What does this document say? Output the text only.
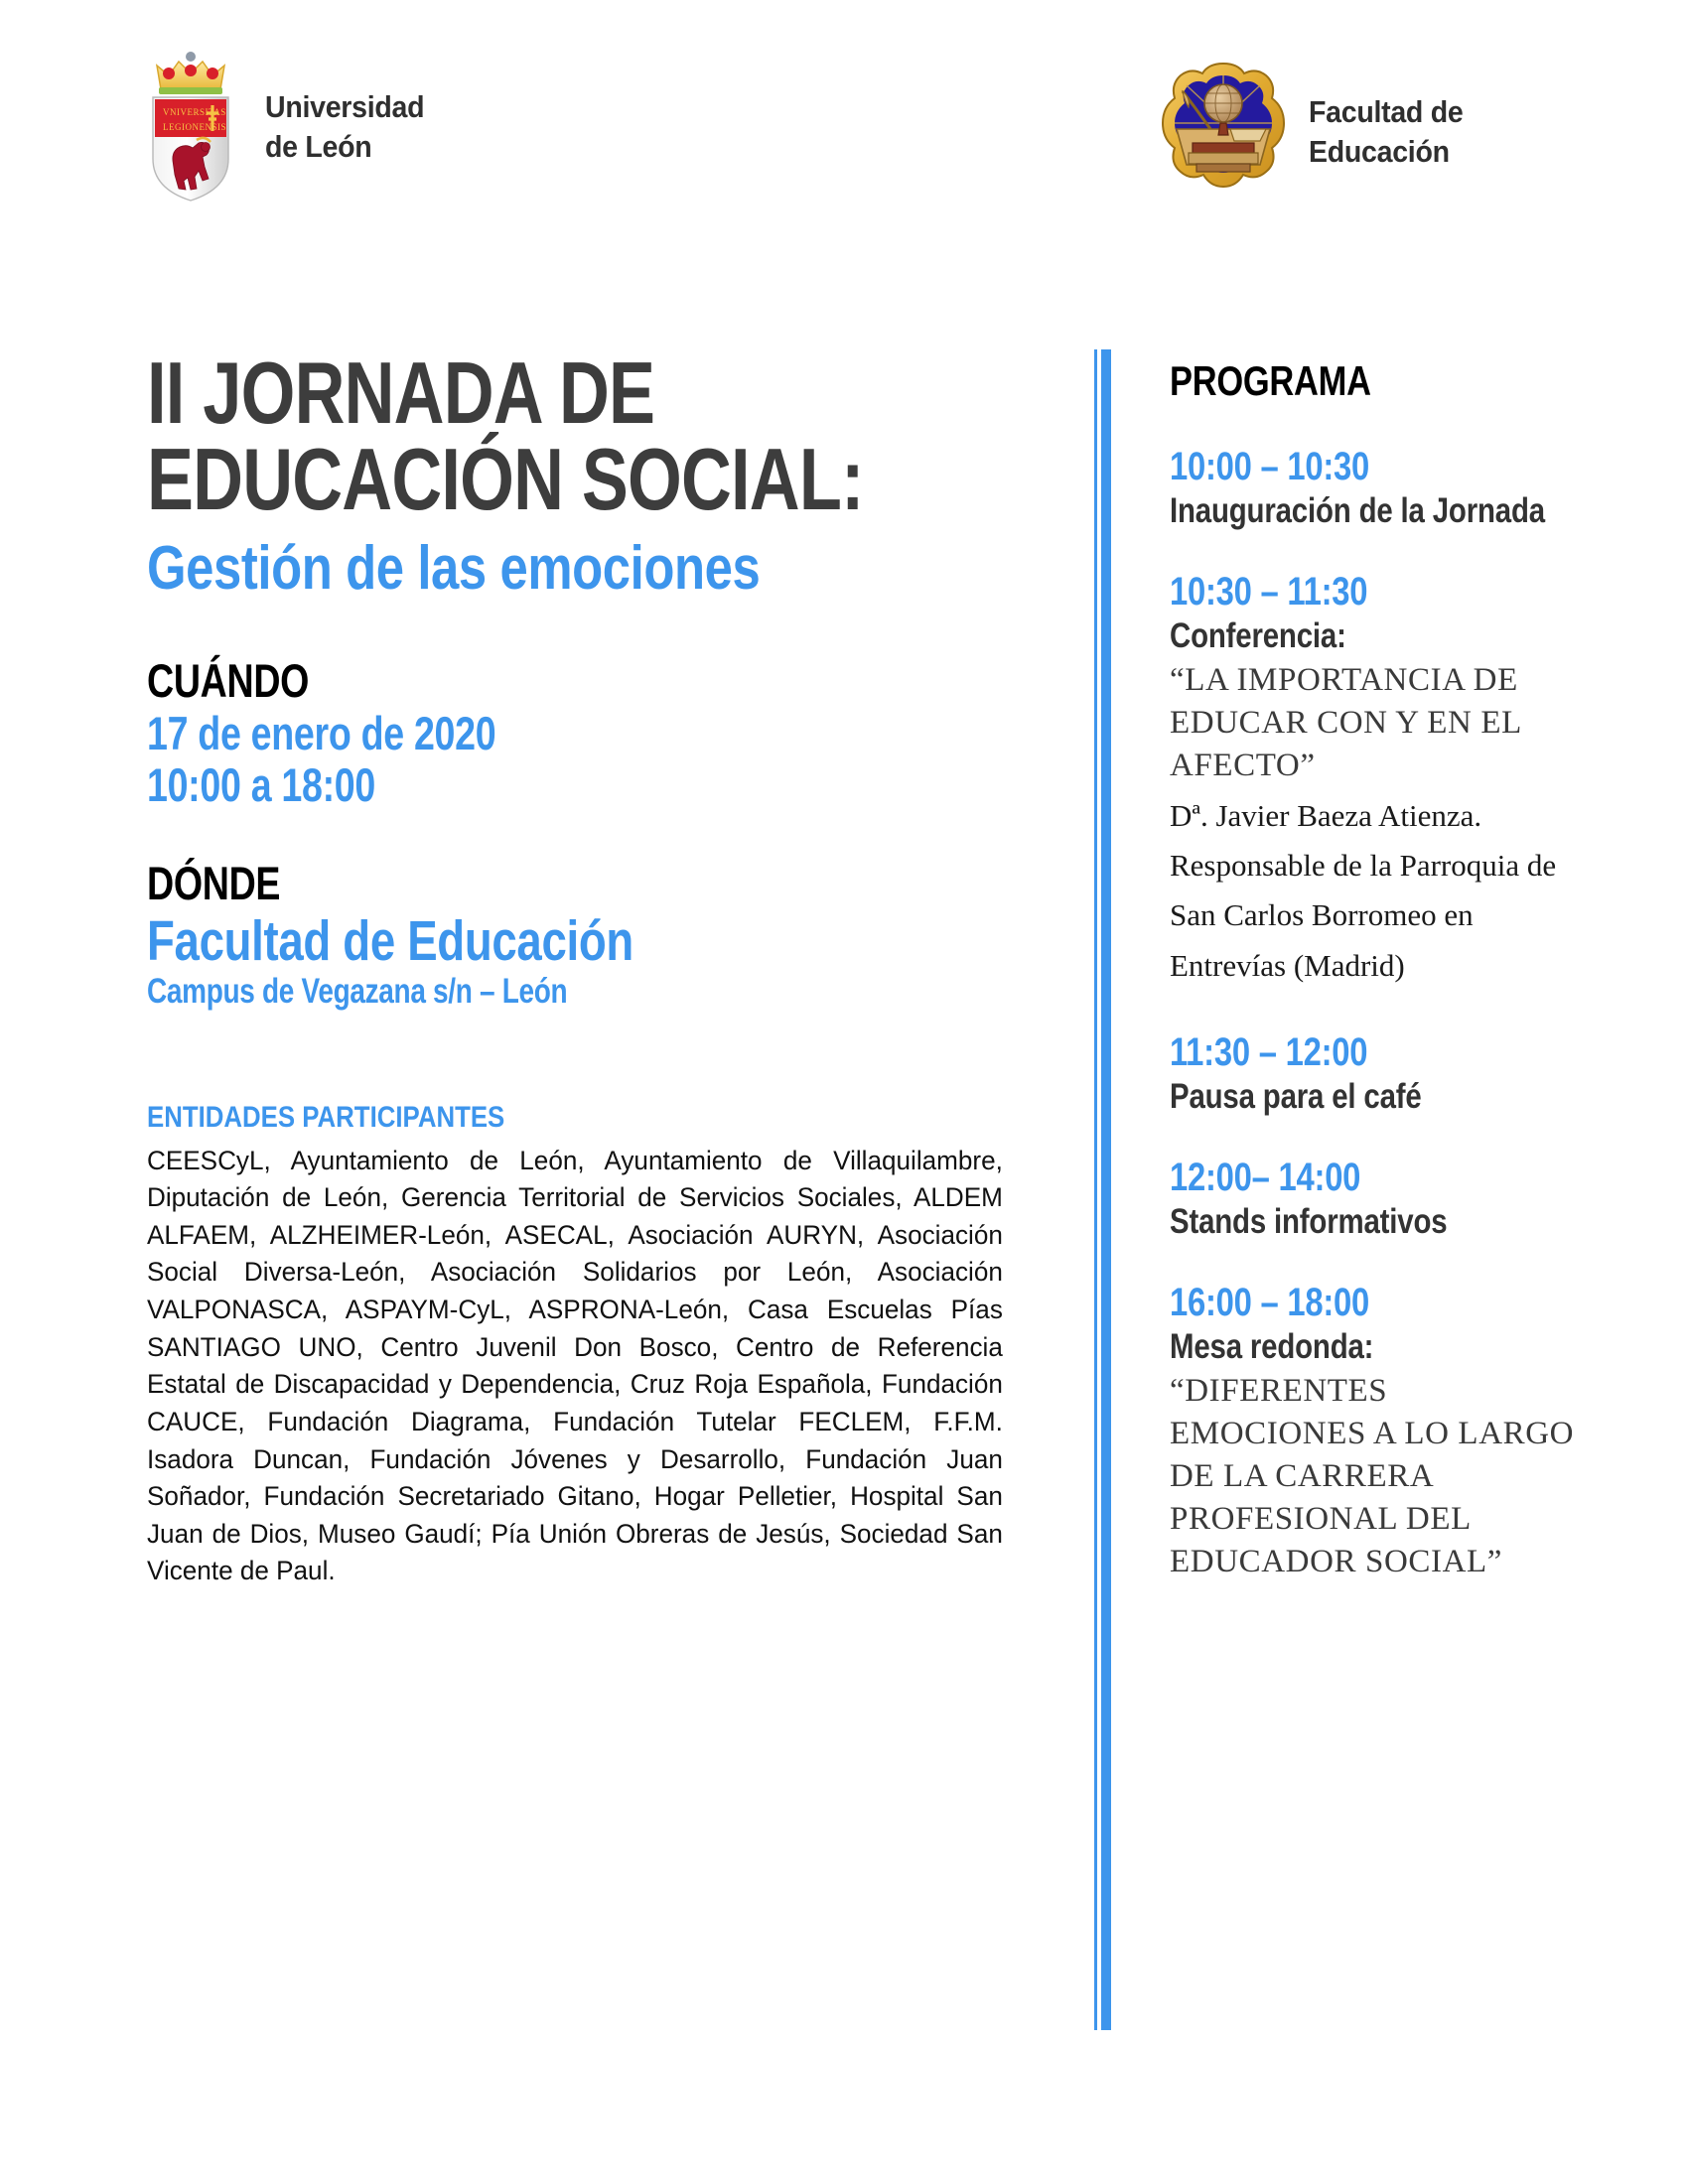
VNIVERSITAS
LEGIONENSIS
Universidad
de León
Facultad de
Educación
II JORNADA DE
EDUCACIÓN SOCIAL:
Gestión de las emociones
CUÁNDO
17 de enero de 2020
10:00 a 18:00
DÓNDE
Facultad de Educación
Campus de Vegazana s/n – León
ENTIDADES PARTICIPANTES
CEESCyL, Ayuntamiento de León, Ayuntamiento de Villaquilambre, Diputación de León, Gerencia Territorial de Servicios Sociales, ALDEM ALFAEM, ALZHEIMER-León, ASECAL, Asociación AURYN, Asociación Social Diversa-León, Asociación Solidarios por León, Asociación VALPONASCA, ASPAYM-CyL, ASPRONA-León, Casa Escuelas Pías SANTIAGO UNO, Centro Juvenil Don Bosco, Centro de Referencia Estatal de Discapacidad y Dependencia, Cruz Roja Española, Fundación CAUCE, Fundación Diagrama, Fundación Tutelar FECLEM, F.F.M. Isadora Duncan, Fundación Jóvenes y Desarrollo, Fundación Juan Soñador, Fundación Secretariado Gitano, Hogar Pelletier, Hospital San Juan de Dios, Museo Gaudí; Pía Unión Obreras de Jesús, Sociedad San Vicente de Paul.
PROGRAMA
10:00 – 10:30
Inauguración de la Jornada
10:30 – 11:30
Conferencia:
“LA IMPORTANCIA DE EDUCAR CON Y EN EL AFECTO”
Dª. Javier Baeza Atienza. Responsable de la Parroquia de San Carlos Borromeo en Entrevías (Madrid)
11:30 – 12:00
Pausa para el café
12:00– 14:00
Stands informativos
16:00 – 18:00
Mesa redonda:
“DIFERENTES EMOCIONES A LO LARGO DE LA CARRERA PROFESIONAL DEL EDUCADOR SOCIAL”
